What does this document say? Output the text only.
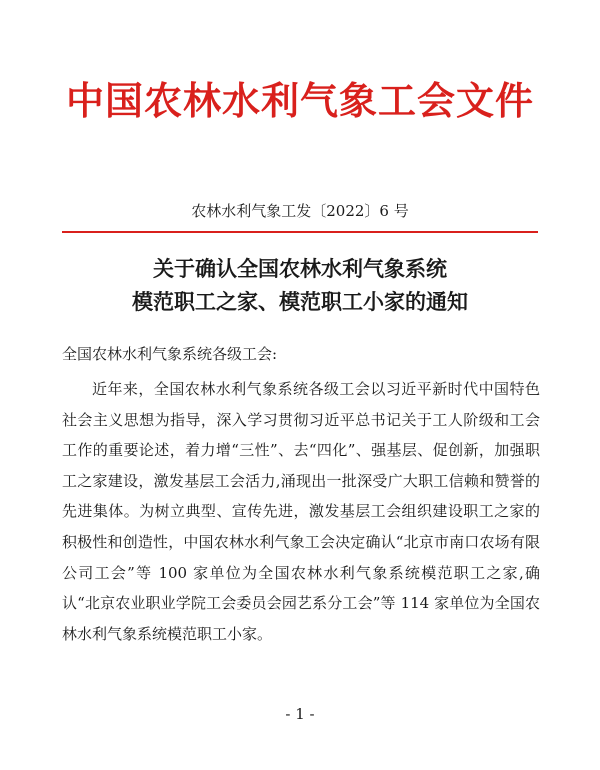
中国农林水利气象工会文件
农林水利气象工发〔2022〕6 号
关于确认全国农林水利气象系统
模范职工之家、模范职工小家的通知
全国农林水利气象系统各级工会:

近年来，全国农林水利气象系统各级工会以习近平新时代中国特色社会主义思想为指导，深入学习贯彻习近平总书记关于工人阶级和工会工作的重要论述，着力增“三性”、去“四化”、强基层、促创新，加强职工之家建设，激发基层工会活力,涌现出一批深受广大职工信赖和赞誉的先进集体。为树立典型、宣传先进，激发基层工会组织建设职工之家的积极性和创造性，中国农林水利气象工会决定确认“北京市南口农场有限公司工会”等 100 家单位为全国农林水利气象系统模范职工之家,确认“北京农业职业学院工会委员会园艺系分工会”等 114 家单位为全国农林水利气象系统模范职工小家。

- 1 -
